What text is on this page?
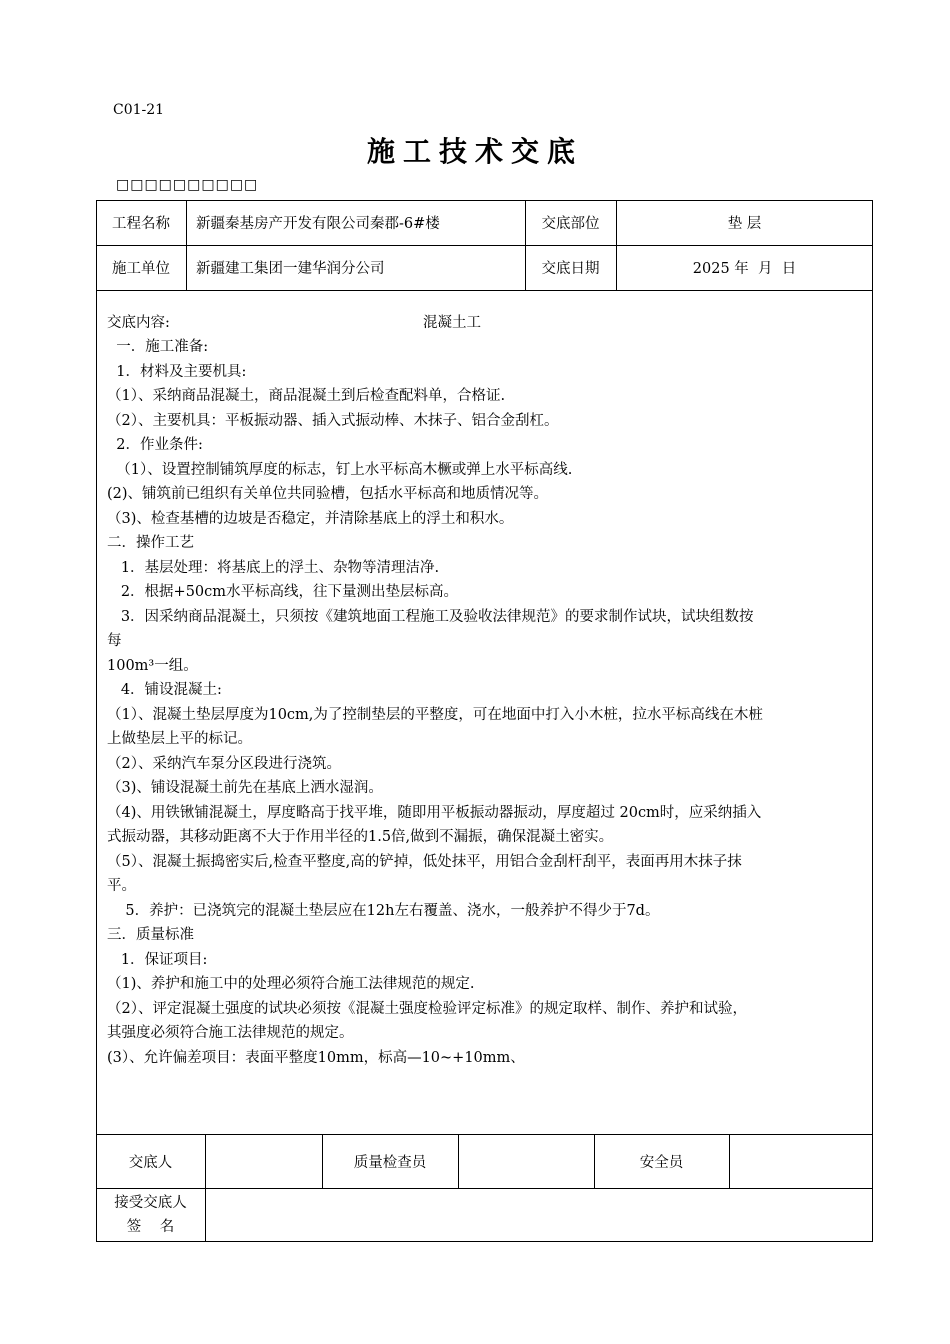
C01-21
施工技术交底
□□□□□□□□□□
工程名称	新疆秦基房产开发有限公司秦郡-6#楼	交底部位	垫 层
施工单位	新疆建工集团一建华润分公司	交底日期	2025 年  月  日
交底内容:	混凝土工
一．施工准备:
1．材料及主要机具:
（1）、采纳商品混凝土，商品混凝土到后检查配料单，合格证.
（2）、主要机具：平板振动器、插入式振动棒、木抹子、铝合金刮杠。
2．作业条件:
（1）、设置控制铺筑厚度的标志，钉上水平标高木橛或弹上水平标高线.
(2)、铺筑前已组织有关单位共同验槽，包括水平标高和地质情况等。
（3)、检查基槽的边坡是否稳定，并清除基底上的浮土和积水。
二．操作工艺
1．基层处理：将基底上的浮土、杂物等清理洁净.
2．根据+50cm水平标高线，往下量测出垫层标高。
3．因采纳商品混凝土，只须按《建筑地面工程施工及验收法律规范》的要求制作试块，试块组数按
每
100m³一组。
4．铺设混凝土:
（1）、混凝土垫层厚度为10cm,为了控制垫层的平整度，可在地面中打入小木桩，拉水平标高线在木桩
上做垫层上平的标记。
（2）、采纳汽车泵分区段进行浇筑。
（3)、铺设混凝土前先在基底上洒水湿润。
（4)、用铁锹铺混凝土，厚度略高于找平堆，随即用平板振动器振动，厚度超过 20cm时，应采纳插入
式振动器，其移动距离不大于作用半径的1.5倍,做到不漏振，确保混凝土密实。
（5）、混凝土振捣密实后,检查平整度,高的铲掉，低处抹平，用铝合金刮杆刮平，表面再用木抹子抹
平。
5．养护：已浇筑完的混凝土垫层应在12h左右覆盖、浇水，一般养护不得少于7d。
三．质量标准
1．保证项目:
（1)、养护和施工中的处理必须符合施工法律规范的规定.
（2）、评定混凝土强度的试块必须按《混凝土强度检验评定标准》的规定取样、制作、养护和试验，
其强度必须符合施工法律规范的规定。
(3）、允许偏差项目：表面平整度10mm，标高—10~+10mm、
交底人	质量检查员	安全员
接受交底人
签    名
